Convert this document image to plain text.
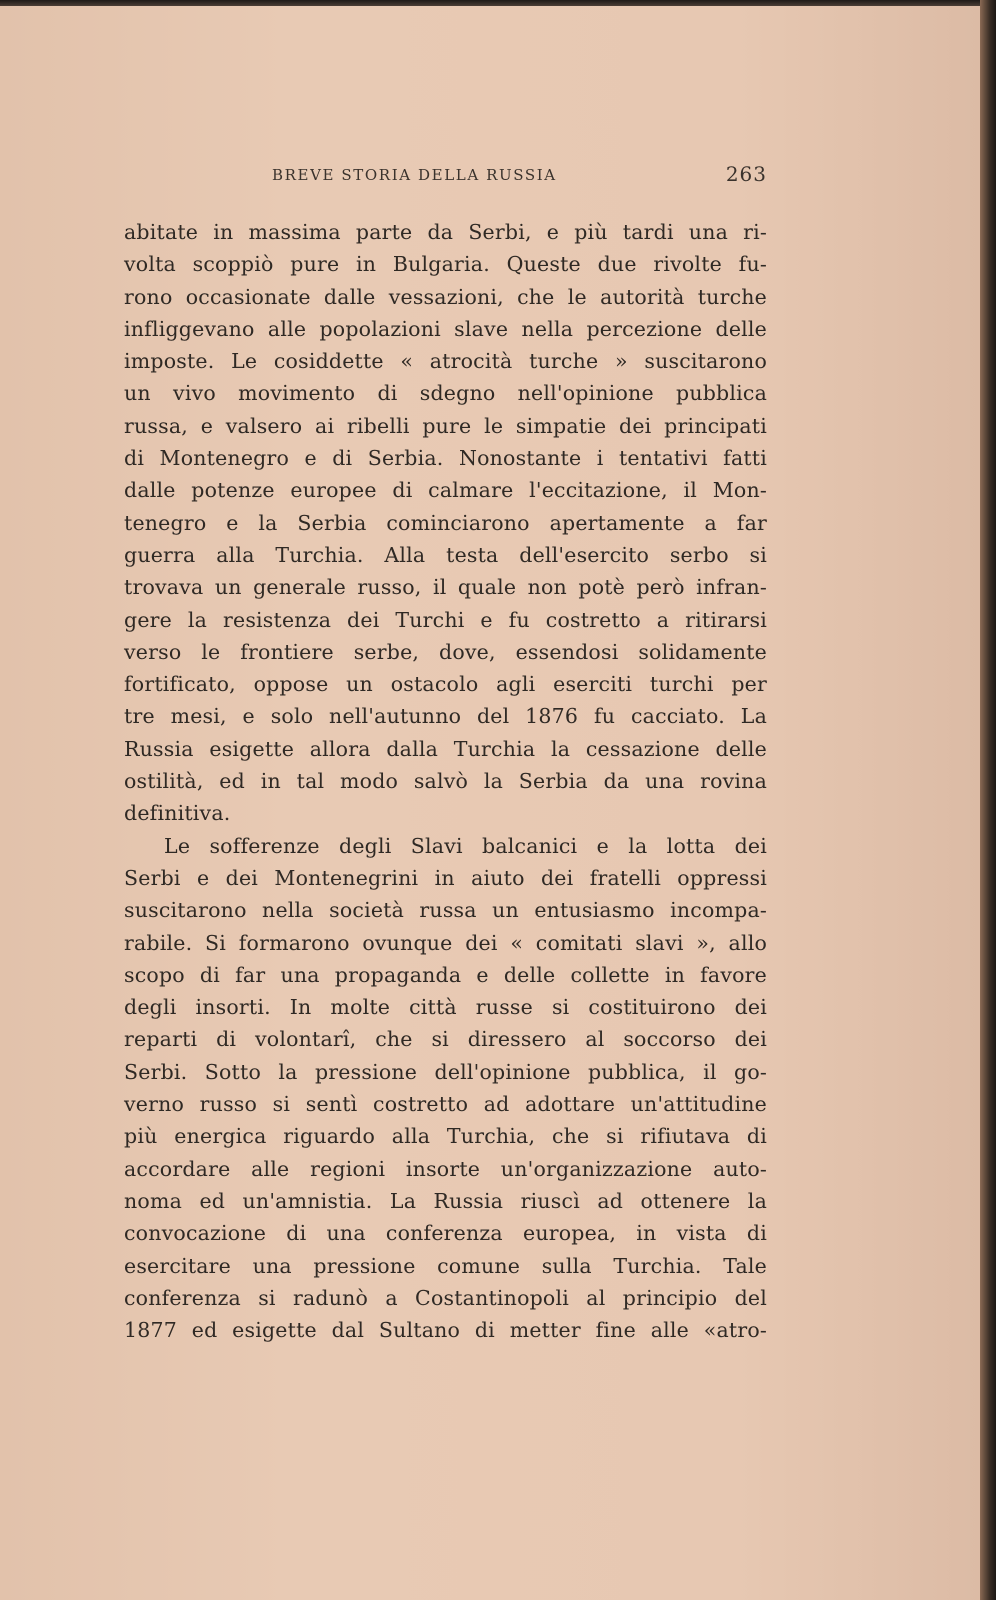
BREVE STORIA DELLA RUSSIA	263
abitate in massima parte da Serbi, e più tardi una ri-
volta scoppiò pure in Bulgaria. Queste due rivolte fu-
rono occasionate dalle vessazioni, che le autorità turche
infliggevano alle popolazioni slave nella percezione delle
imposte. Le cosiddette « atrocità turche » suscitarono
un vivo movimento di sdegno nell'opinione pubblica
russa, e valsero ai ribelli pure le simpatie dei principati
di Montenegro e di Serbia. Nonostante i tentativi fatti
dalle potenze europee di calmare l'eccitazione, il Mon-
tenegro e la Serbia cominciarono apertamente a far
guerra alla Turchia. Alla testa dell'esercito serbo si
trovava un generale russo, il quale non potè però infran-
gere la resistenza dei Turchi e fu costretto a ritirarsi
verso le frontiere serbe, dove, essendosi solidamente
fortificato, oppose un ostacolo agli eserciti turchi per
tre mesi, e solo nell'autunno del 1876 fu cacciato. La
Russia esigette allora dalla Turchia la cessazione delle
ostilità, ed in tal modo salvò la Serbia da una rovina
definitiva.
Le sofferenze degli Slavi balcanici e la lotta dei
Serbi e dei Montenegrini in aiuto dei fratelli oppressi
suscitarono nella società russa un entusiasmo incompa-
rabile. Si formarono ovunque dei « comitati slavi », allo
scopo di far una propaganda e delle collette in favore
degli insorti. In molte città russe si costituirono dei
reparti di volontarî, che si diressero al soccorso dei
Serbi. Sotto la pressione dell'opinione pubblica, il go-
verno russo si sentì costretto ad adottare un'attitudine
più energica riguardo alla Turchia, che si rifiutava di
accordare alle regioni insorte un'organizzazione auto-
noma ed un'amnistia. La Russia riuscì ad ottenere la
convocazione di una conferenza europea, in vista di
esercitare una pressione comune sulla Turchia. Tale
conferenza si radunò a Costantinopoli al principio del
1877 ed esigette dal Sultano di metter fine alle «atro-
